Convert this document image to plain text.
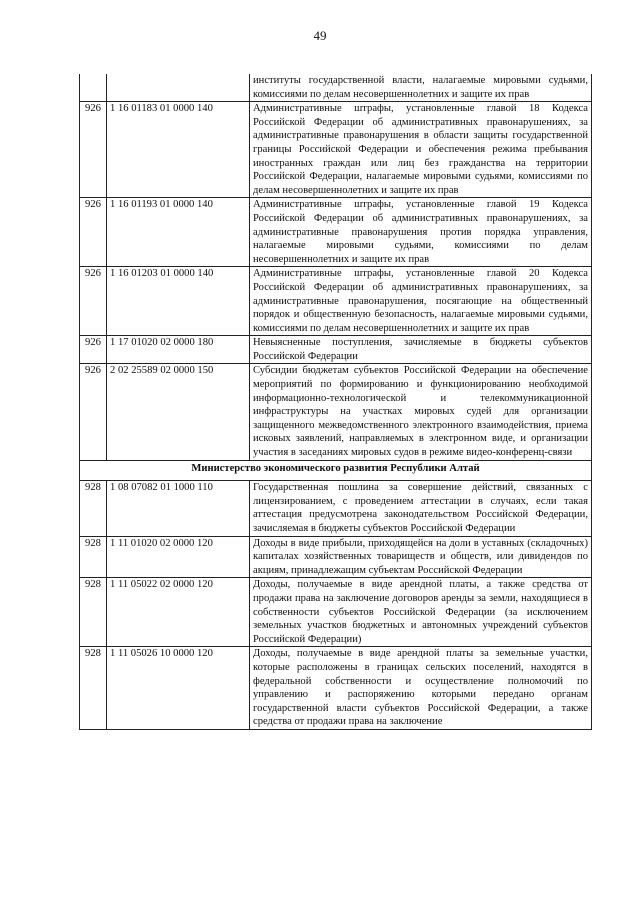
49
		институты государственной власти, налагаемые мировыми судьями, комиссиями по делам несовершеннолетних и защите их прав
926	1 16 01183 01 0000 140	Административные штрафы, установленные главой 18 Кодекса Российской Федерации об административных правонарушениях, за административные правонарушения в области защиты государственной границы Российской Федерации и обеспечения режима пребывания иностранных граждан или лиц без гражданства на территории Российской Федерации, налагаемые мировыми судьями, комиссиями по делам несовершеннолетних и защите их прав
926	1 16 01193 01 0000 140	Административные штрафы, установленные главой 19 Кодекса Российской Федерации об административных правонарушениях, за административные правонарушения против порядка управления, налагаемые мировыми судьями, комиссиями по делам несовершеннолетних и защите их прав
926	1 16 01203 01 0000 140	Административные штрафы, установленные главой 20 Кодекса Российской Федерации об административных правонарушениях, за административные правонарушения, посягающие на общественный порядок и общественную безопасность, налагаемые мировыми судьями, комиссиями по делам несовершеннолетних и защите их прав
926	1 17 01020 02 0000 180	Невыясненные поступления, зачисляемые в бюджеты субъектов Российской Федерации
926	2 02 25589 02 0000 150	Субсидии бюджетам субъектов Российской Федерации на обеспечение мероприятий по формированию и функционированию необходимой информационно-технологической и телекоммуникационной инфраструктуры на участках мировых судей для организации защищенного межведомственного электронного взаимодействия, приема исковых заявлений, направляемых в электронном виде, и организации участия в заседаниях мировых судов в режиме видео-конференц-связи
Министерство экономического развития Республики Алтай		
928	1 08 07082 01 1000 110	Государственная пошлина за совершение действий, связанных с лицензированием, с проведением аттестации в случаях, если такая аттестация предусмотрена законодательством Российской Федерации, зачисляемая в бюджеты субъектов Российской Федерации
928	1 11 01020 02 0000 120	Доходы в виде прибыли, приходящейся на доли в уставных (складочных) капиталах хозяйственных товариществ и обществ, или дивидендов по акциям, принадлежащим субъектам Российской Федерации
928	1 11 05022 02 0000 120	Доходы, получаемые в виде арендной платы, а также средства от продажи права на заключение договоров аренды за земли, находящиеся в собственности субъектов Российской Федерации (за исключением земельных участков бюджетных и автономных учреждений субъектов Российской Федерации)
928	1 11 05026 10 0000 120	Доходы, получаемые в виде арендной платы за земельные участки, которые расположены в границах сельских поселений, находятся в федеральной собственности и осуществление полномочий по управлению и распоряжению которыми передано органам государственной власти субъектов Российской Федерации, а также средства от продажи права на заключение
